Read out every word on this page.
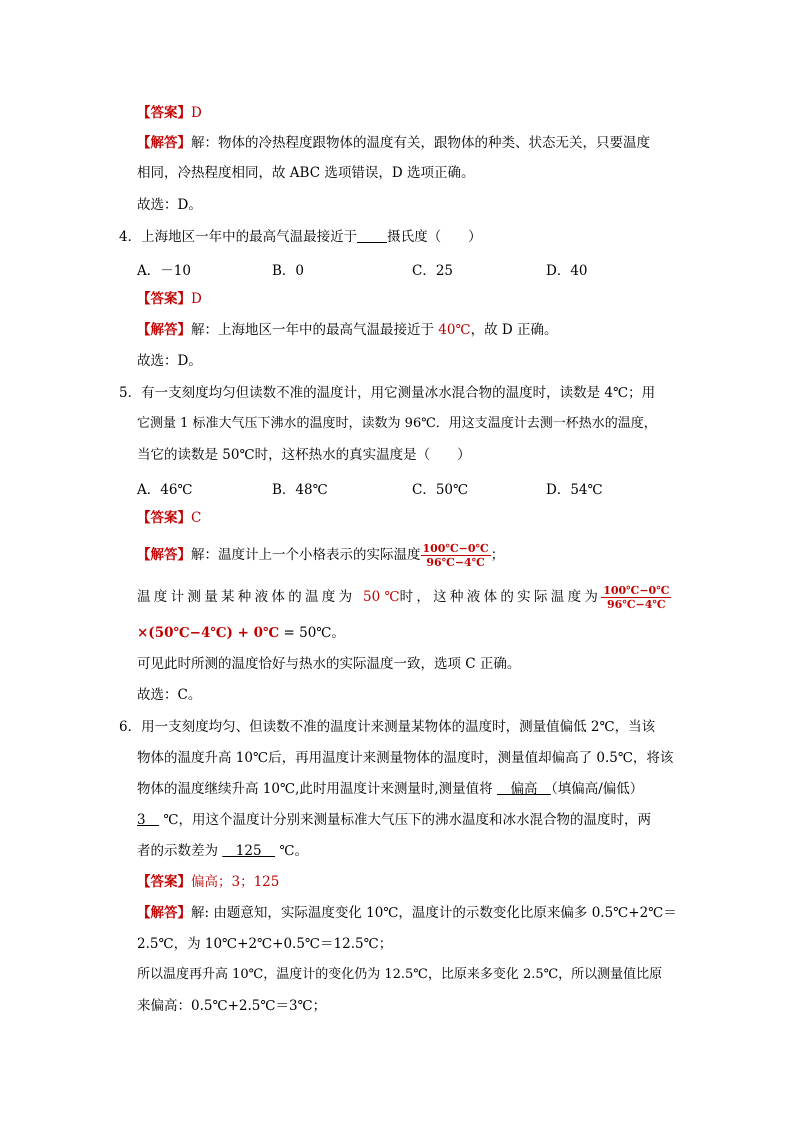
【答案】D
【解答】解：物体的冷热程度跟物体的温度有关，跟物体的种类、状态无关，只要温度
相同，冷热程度相同，故 ABC 选项错误，D 选项正确。
故选：D。
4．上海地区一年中的最高气温最接近于 摄氏度（　　）
A．－10	B．0	C．25	D．40
【答案】D
【解答】解：上海地区一年中的最高气温最接近于 40℃，故 D 正确。
故选：D。
5．有一支刻度均匀但读数不准的温度计，用它测量冰水混合物的温度时，读数是 4℃；用
它测量 1 标准大气压下沸水的温度时，读数为 96℃．用这支温度计去测一杯热水的温度，
当它的读数是 50℃时，这杯热水的真实温度是（　　）
A．46℃	B．48℃	C．50℃	D．54℃
【答案】C
【解答】解：温度计上一个小格表示的实际温度 $\frac{100℃-0℃}{96℃-4℃}$ ；
温度计测量某种液体的温度为 50 ℃时，这种液体的实际温度为 $\frac{100℃-0℃}{96℃-4℃}$
×(50℃−4℃) + 0℃ = 50℃。
可见此时所测的温度恰好与热水的实际温度一致，选项 C 正确。
故选：C。
6．用一支刻度均匀、但读数不准的温度计来测量某物体的温度时，测量值偏低 2℃，当该
物体的温度升高 10℃后，再用温度计来测量物体的温度时，测量值却偏高了 0.5℃，将该
物体的温度继续升高 10℃,此时用温度计来测量时,测量值将 　偏高　（填偏高/偏低）
3　 ℃，用这个温度计分别来测量标准大气压下的沸水温度和冰水混合物的温度时，两
者的示数差为 　125　 ℃。
【答案】偏高；3；125
【解答】解: 由题意知，实际温度变化 10℃，温度计的示数变化比原来偏多 0.5℃+2℃＝
2.5℃，为 10℃+2℃+0.5℃＝12.5℃；
所以温度再升高 10℃，温度计的变化仍为 12.5℃，比原来多变化 2.5℃，所以测量值比原
来偏高：0.5℃+2.5℃＝3℃；
